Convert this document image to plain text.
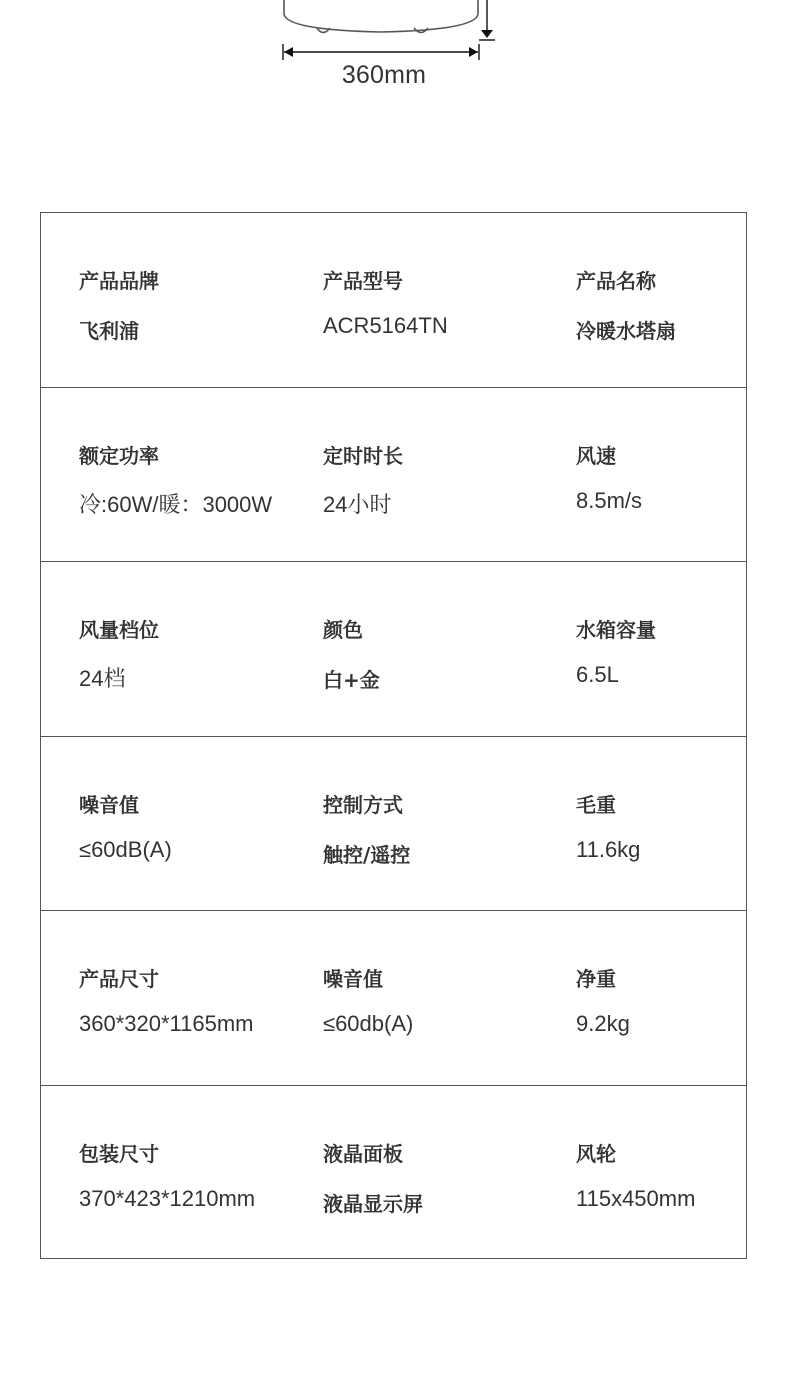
360mm
产品品牌
飞利浦
产品型号
ACR5164TN
产品名称
冷暖水塔扇
额定功率
冷:60W/暖：3000W
定时时长
24小时
风速
8.5m/s
风量档位
24档
颜色
白+金
水箱容量
6.5L
噪音值
≤60dB(A)
控制方式
触控/遥控
毛重
11.6kg
产品尺寸
360*320*1165mm
噪音值
≤60db(A)
净重
9.2kg
包装尺寸
370*423*1210mm
液晶面板
液晶显示屏
风轮
115x450mm
